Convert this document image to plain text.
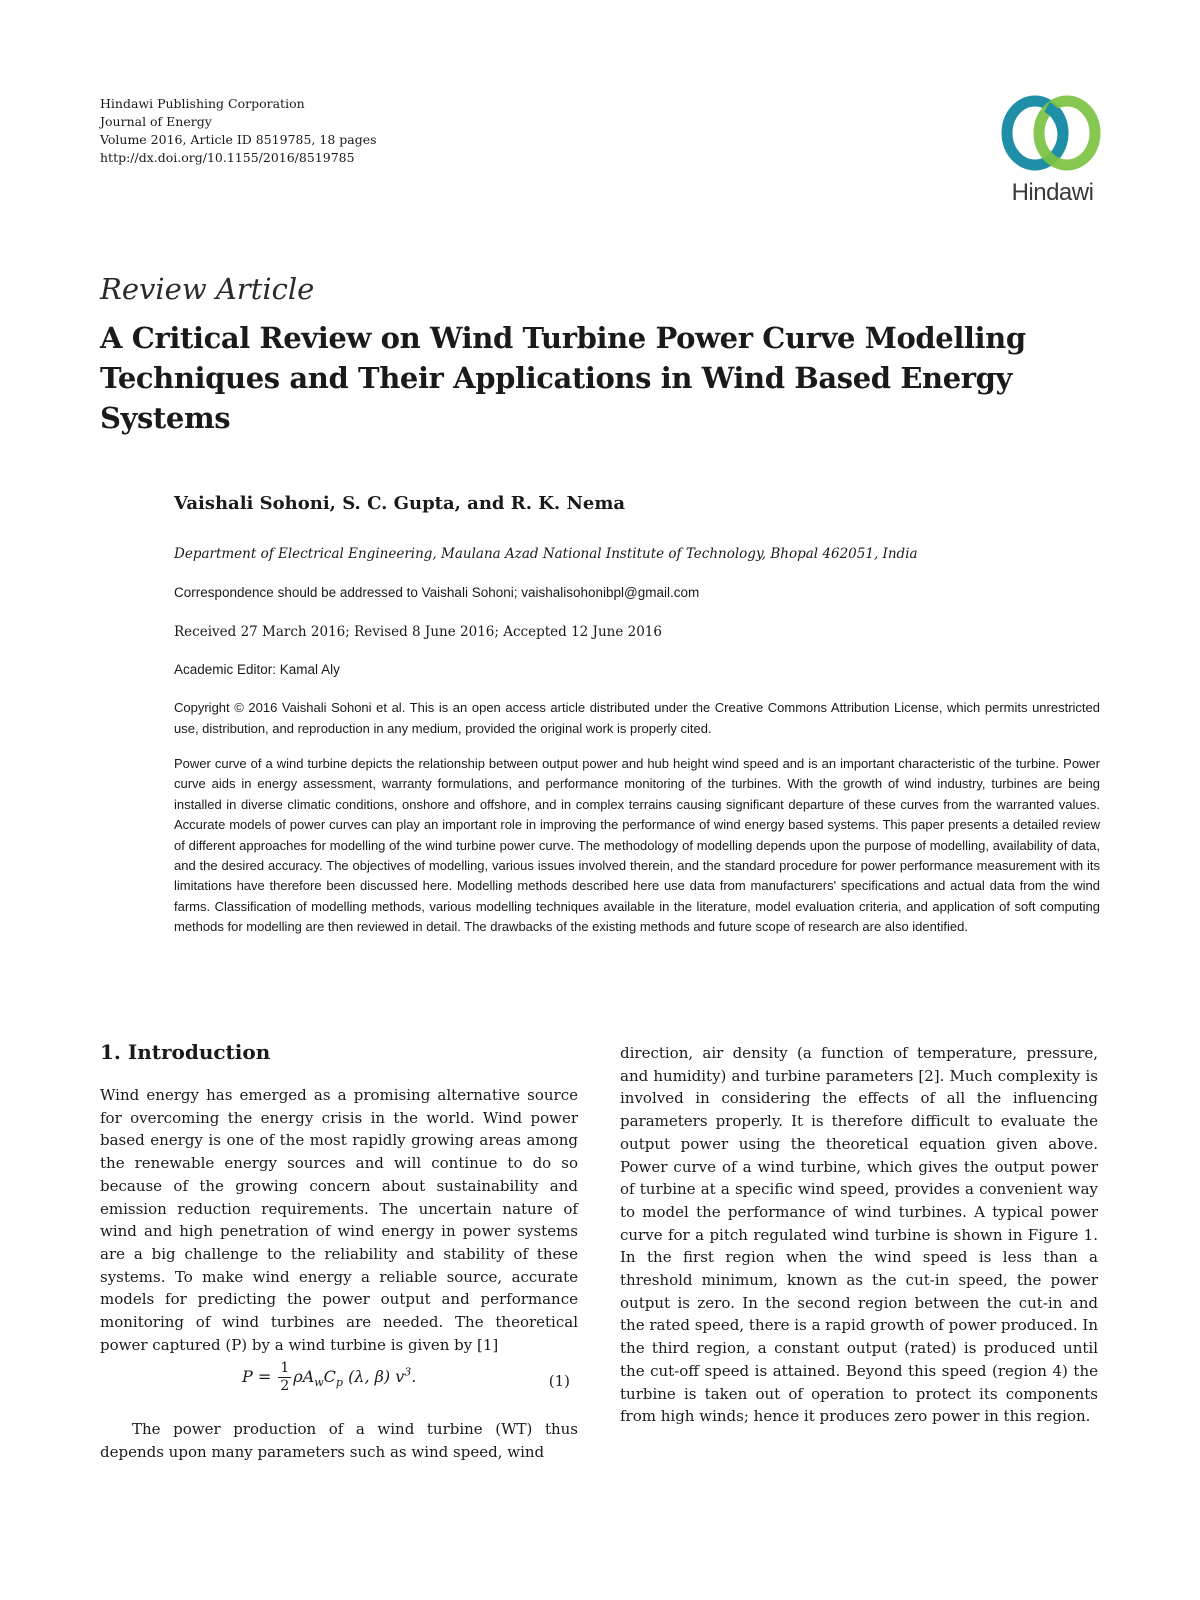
Hindawi Publishing Corporation
Journal of Energy
Volume 2016, Article ID 8519785, 18 pages
http://dx.doi.org/10.1155/2016/8519785
Hindawi
Review Article
A Critical Review on Wind Turbine Power Curve Modelling Techniques and Their Applications in Wind Based Energy Systems
Vaishali Sohoni, S. C. Gupta, and R. K. Nema
Department of Electrical Engineering, Maulana Azad National Institute of Technology, Bhopal 462051, India
Correspondence should be addressed to Vaishali Sohoni; vaishalisohonibpl@gmail.com
Received 27 March 2016; Revised 8 June 2016; Accepted 12 June 2016
Academic Editor: Kamal Aly
Copyright © 2016 Vaishali Sohoni et al. This is an open access article distributed under the Creative Commons Attribution License, which permits unrestricted use, distribution, and reproduction in any medium, provided the original work is properly cited.
Power curve of a wind turbine depicts the relationship between output power and hub height wind speed and is an important characteristic of the turbine. Power curve aids in energy assessment, warranty formulations, and performance monitoring of the turbines. With the growth of wind industry, turbines are being installed in diverse climatic conditions, onshore and offshore, and in complex terrains causing significant departure of these curves from the warranted values. Accurate models of power curves can play an important role in improving the performance of wind energy based systems. This paper presents a detailed review of different approaches for modelling of the wind turbine power curve. The methodology of modelling depends upon the purpose of modelling, availability of data, and the desired accuracy. The objectives of modelling, various issues involved therein, and the standard procedure for power performance measurement with its limitations have therefore been discussed here. Modelling methods described here use data from manufacturers' specifications and actual data from the wind farms. Classification of modelling methods, various modelling techniques available in the literature, model evaluation criteria, and application of soft computing methods for modelling are then reviewed in detail. The drawbacks of the existing methods and future scope of research are also identified.
1. Introduction

Wind energy has emerged as a promising alternative source for overcoming the energy crisis in the world. Wind power based energy is one of the most rapidly growing areas among the renewable energy sources and will continue to do so because of the growing concern about sustainability and emission reduction requirements. The uncertain nature of wind and high penetration of wind energy in power systems are a big challenge to the reliability and stability of these systems. To make wind energy a reliable source, accurate models for predicting the power output and performance monitoring of wind turbines are needed. The theoretical power captured (P) by a wind turbine is given by [1]

$P = \frac{1}{2} \rho A_wC_p$ (λ, β) $v^3$.	(1)

The power production of a wind turbine (WT) thus depends upon many parameters such as wind speed, wind

direction, air density (a function of temperature, pressure, and humidity) and turbine parameters [2]. Much complexity is involved in considering the effects of all the influencing parameters properly. It is therefore difficult to evaluate the output power using the theoretical equation given above. Power curve of a wind turbine, which gives the output power of turbine at a specific wind speed, provides a convenient way to model the performance of wind turbines. A typical power curve for a pitch regulated wind turbine is shown in Figure 1. In the first region when the wind speed is less than a threshold minimum, known as the cut-in speed, the power output is zero. In the second region between the cut-in and the rated speed, there is a rapid growth of power produced. In the third region, a constant output (rated) is produced until the cut-off speed is attained. Beyond this speed (region 4) the turbine is taken out of operation to protect its components from high winds; hence it produces zero power in this region.
